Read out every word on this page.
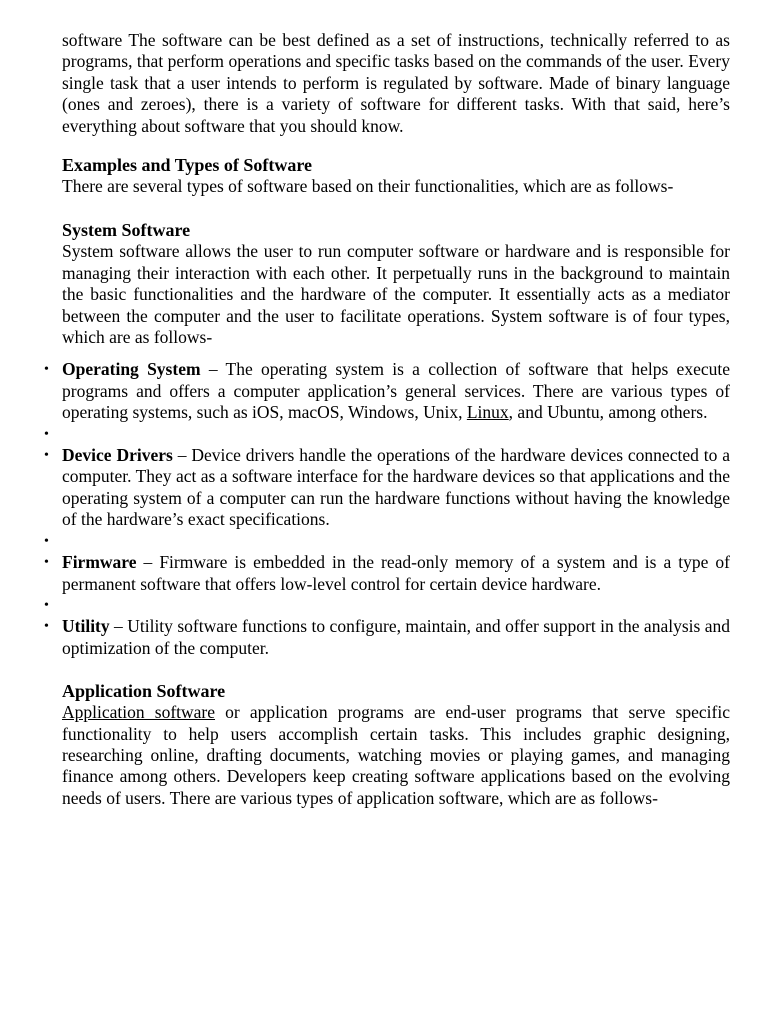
software The software can be best defined as a set of instructions, technically referred to as programs, that perform operations and specific tasks based on the commands of the user. Every single task that a user intends to perform is regulated by software. Made of binary language (ones and zeroes), there is a variety of software for different tasks. With that said, here’s everything about software that you should know.

Examples and Types of Software

There are several types of software based on their functionalities, which are as follows-

System Software

System software allows the user to run computer software or hardware and is responsible for managing their interaction with each other. It perpetually runs in the background to maintain the basic functionalities and the hardware of the computer. It essentially acts as a mediator between the computer and the user to facilitate operations. System software is of four types, which are as follows-

• Operating System – The operating system is a collection of software that helps execute programs and offers a computer application’s general services. There are various types of operating systems, such as iOS, macOS, Windows, Unix, Linux, and Ubuntu, among others.
•
• Device Drivers – Device drivers handle the operations of the hardware devices connected to a computer. They act as a software interface for the hardware devices so that applications and the operating system of a computer can run the hardware functions without having the knowledge of the hardware’s exact specifications.
•
• Firmware – Firmware is embedded in the read-only memory of a system and is a type of permanent software that offers low-level control for certain device hardware.
•
• Utility – Utility software functions to configure, maintain, and offer support in the analysis and optimization of the computer.
Application Software

Application software or application programs are end-user programs that serve specific functionality to help users accomplish certain tasks. This includes graphic designing, researching online, drafting documents, watching movies or playing games, and managing finance among others. Developers keep creating software applications based on the evolving needs of users. There are various types of application software, which are as follows-
